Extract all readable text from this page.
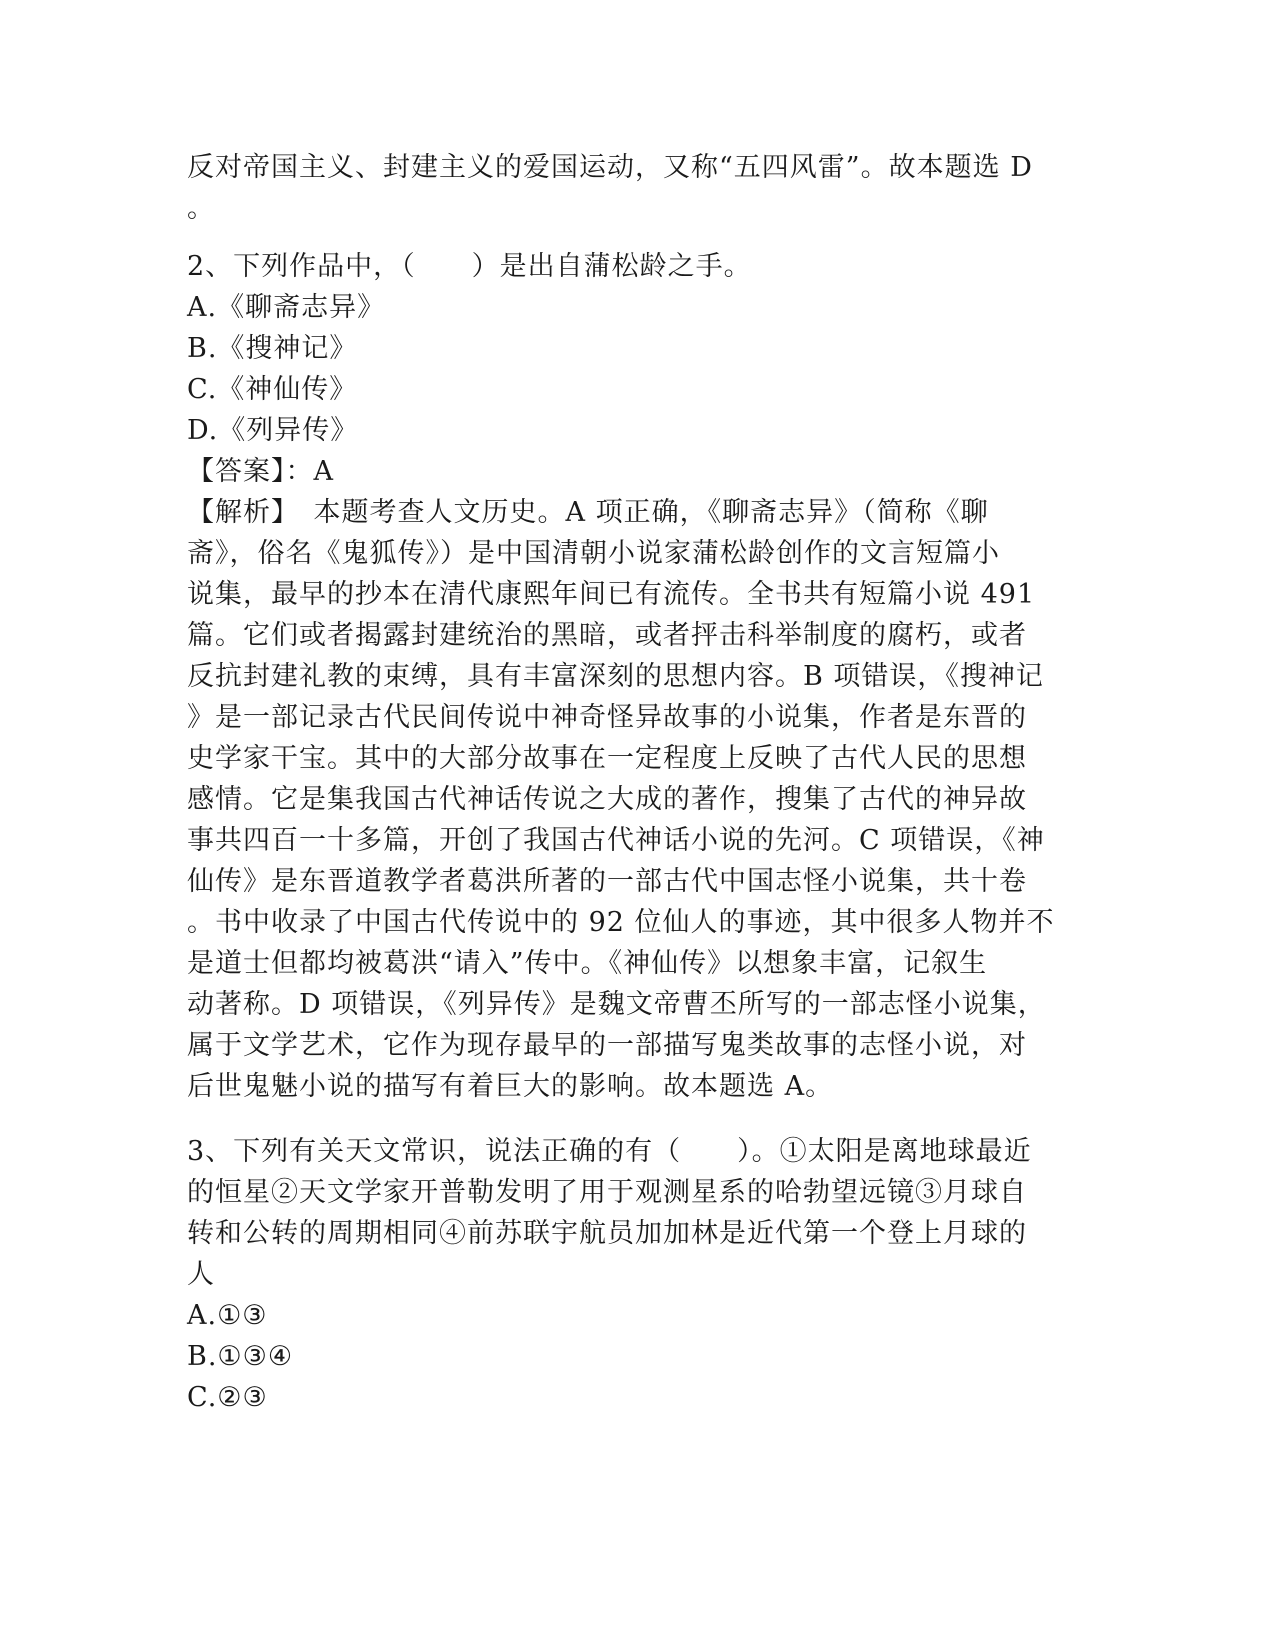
反对帝国主义、封建主义的爱国运动，又称“五四风雷”。故本题选 D
。
2、下列作品中，（　　）是出自蒲松龄之手。
A.《聊斋志异》
B.《搜神记》
C.《神仙传》
D.《列异传》
【答案】：A
【解析】　本题考查人文历史。A 项正确，《聊斋志异》（简称《聊
斋》，俗名《鬼狐传》）是中国清朝小说家蒲松龄创作的文言短篇小
说集，最早的抄本在清代康熙年间已有流传。全书共有短篇小说 491
篇。它们或者揭露封建统治的黑暗，或者抨击科举制度的腐朽，或者
反抗封建礼教的束缚，具有丰富深刻的思想内容。B 项错误，《搜神记
》是一部记录古代民间传说中神奇怪异故事的小说集，作者是东晋的
史学家干宝。其中的大部分故事在一定程度上反映了古代人民的思想
感情。它是集我国古代神话传说之大成的著作，搜集了古代的神异故
事共四百一十多篇，开创了我国古代神话小说的先河。C 项错误，《神
仙传》是东晋道教学者葛洪所著的一部古代中国志怪小说集，共十卷
。书中收录了中国古代传说中的 92 位仙人的事迹，其中很多人物并不
是道士但都均被葛洪“请入”传中。《神仙传》以想象丰富，记叙生
动著称。D 项错误，《列异传》是魏文帝曹丕所写的一部志怪小说集，
属于文学艺术，它作为现存最早的一部描写鬼类故事的志怪小说，对
后世鬼魅小说的描写有着巨大的影响。故本题选 A。
3、下列有关天文常识，说法正确的有（　　）。①太阳是离地球最近
的恒星②天文学家开普勒发明了用于观测星系的哈勃望远镜③月球自
转和公转的周期相同④前苏联宇航员加加林是近代第一个登上月球的
人
A.①③
B.①③④
C.②③
